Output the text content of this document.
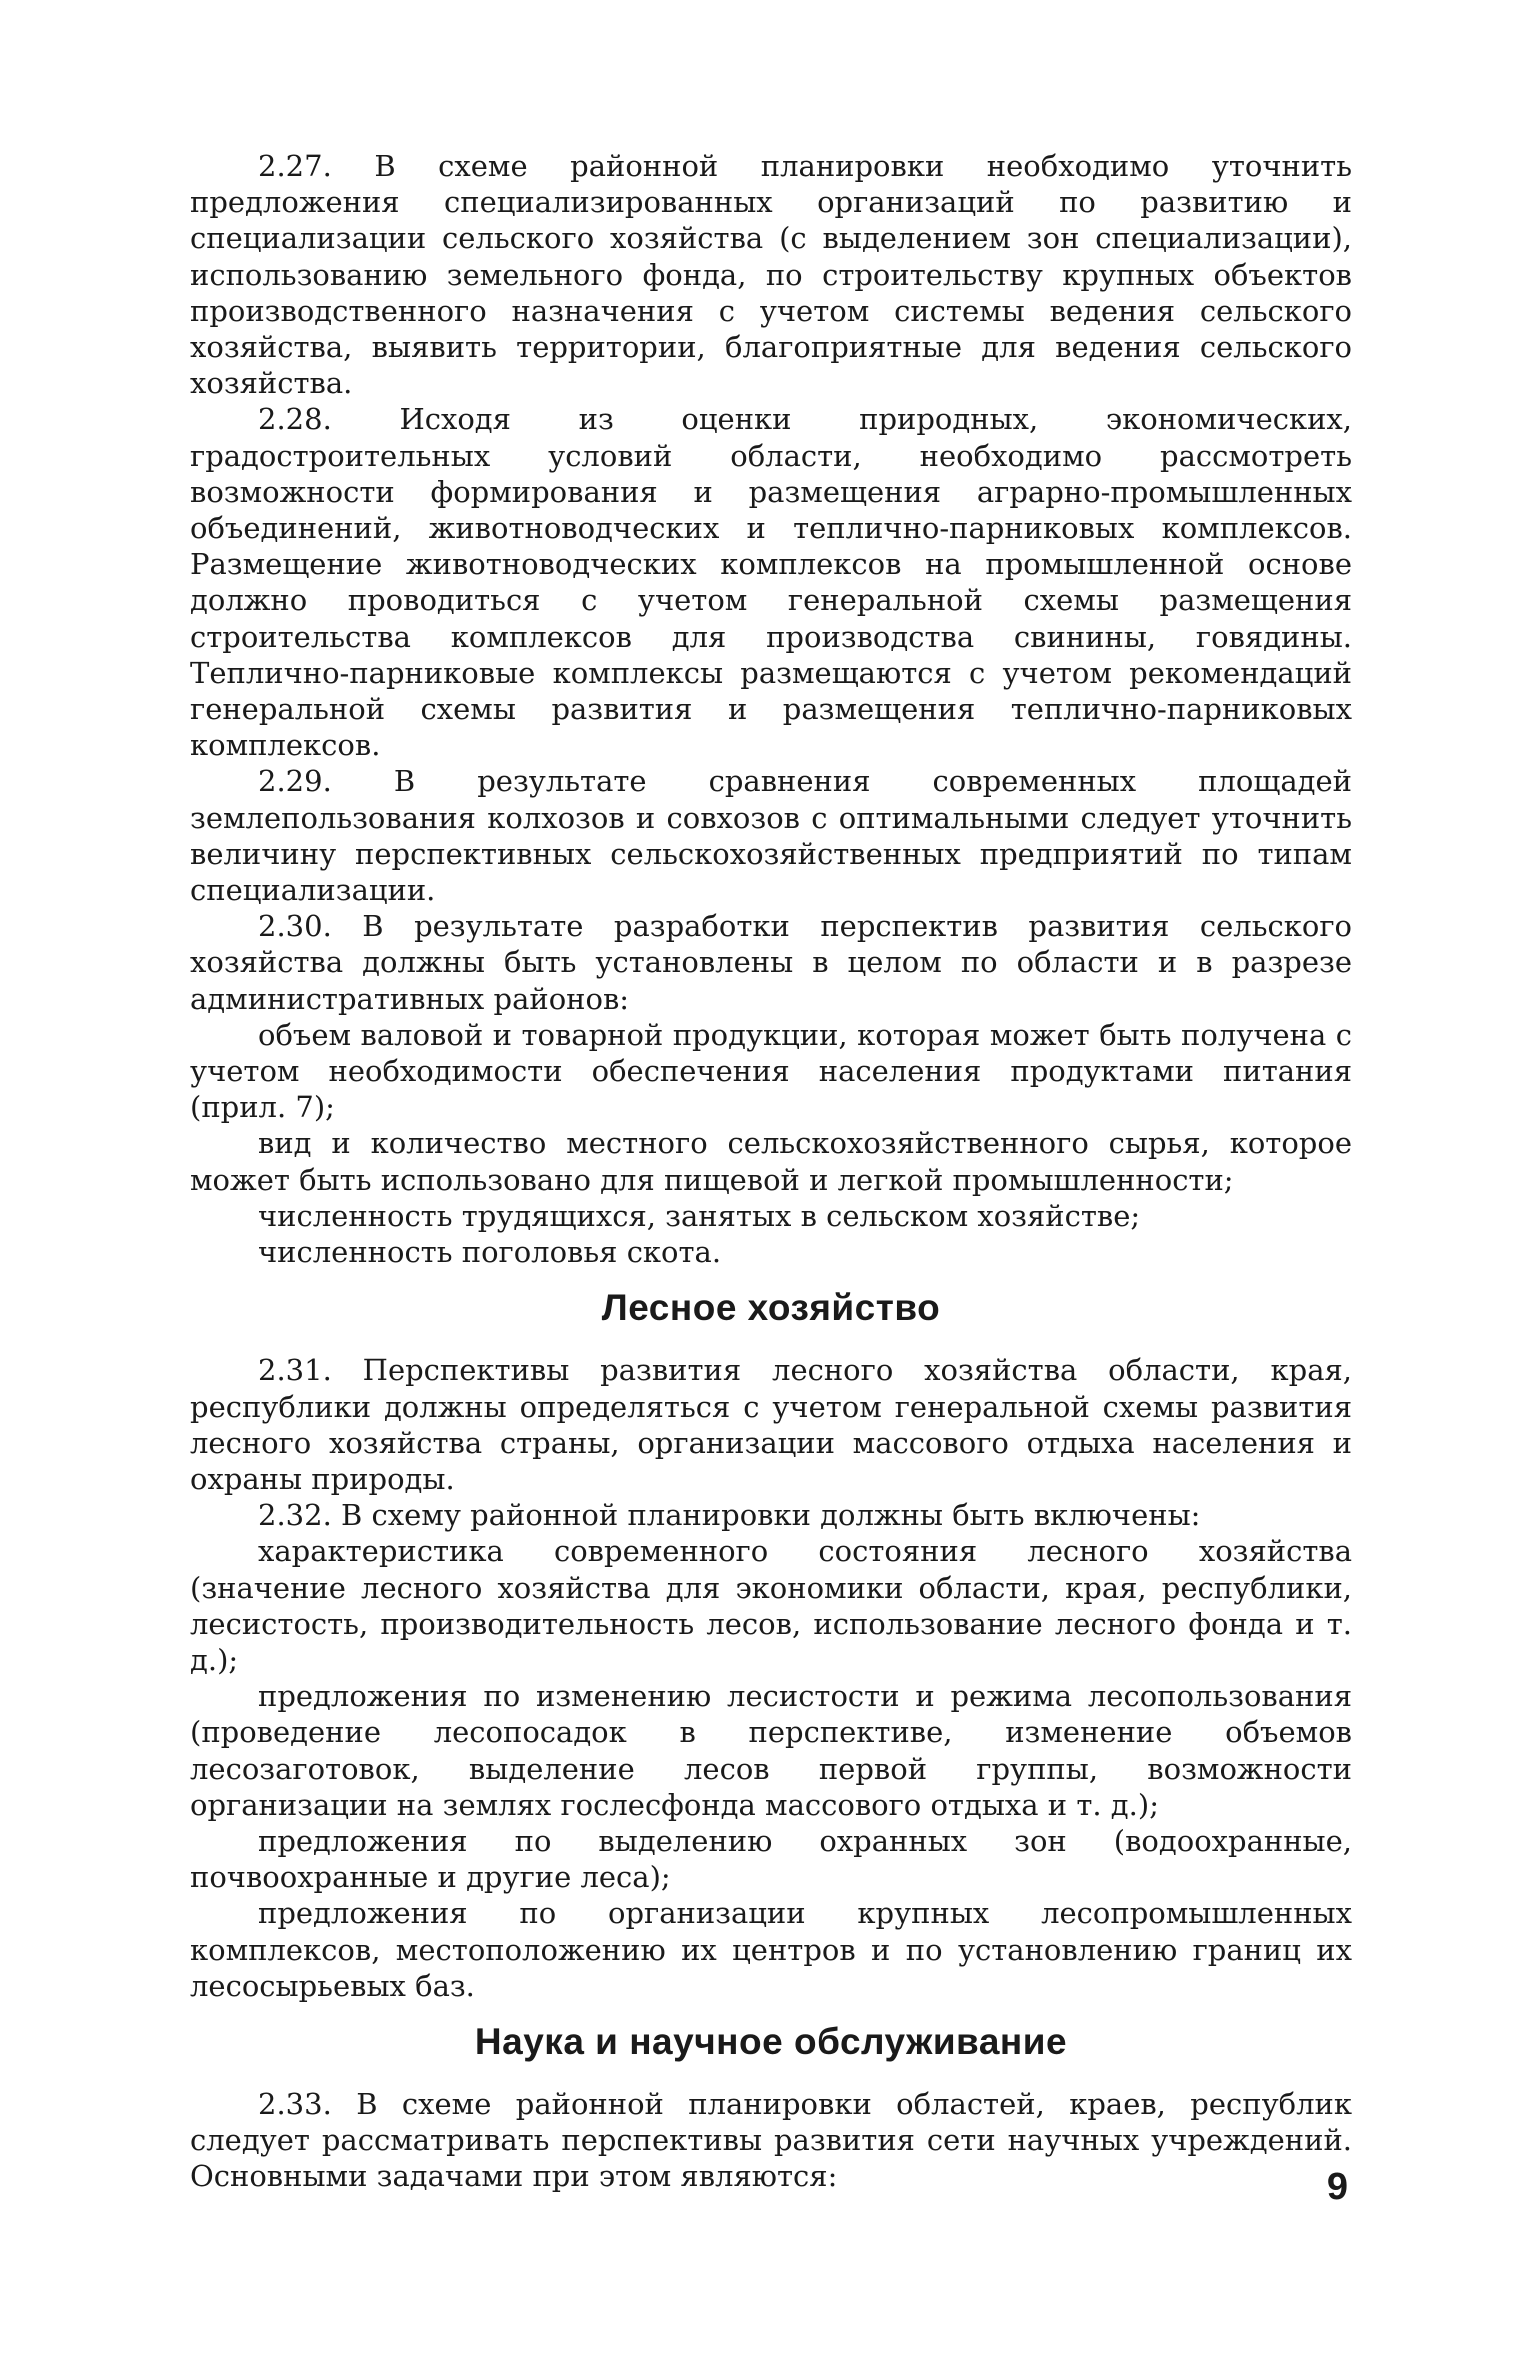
2.27. В схеме районной планировки необходимо уточнить предложения специализированных организаций по развитию и специализации сельского хозяйства (с выделением зон специализации), использованию земельного фонда, по строительству крупных объектов производственного назначения с учетом системы ведения сельского хозяйства, выявить территории, благоприятные для ведения сельского хозяйства.

2.28. Исходя из оценки природных, экономических, градостроительных условий области, необходимо рассмотреть возможности формирования и размещения аграрно-промышленных объединений, животноводческих и тепличнo-парниковых комплексов. Размещение животноводческих комплексов на промышленной основе должно проводиться с учетом генеральной схемы размещения строительства комплексов для производства свинины, говядины. Теплично-парниковые комплексы размещаются с учетом рекомендаций генеральной схемы развития и размещения тепличнo-парниковых комплексов.

2.29. В результате сравнения современных площадей землепользования колхозов и совхозов с оптимальными следует уточнить величину перспективных сельскохозяйственных предприятий по типам специализации.

2.30. В результате разработки перспектив развития сельского хозяйства должны быть установлены в целом по области и в разрезе административных районов:

объем валовой и товарной продукции, которая может быть получена с учетом необходимости обеспечения населения продуктами питания (прил. 7);

вид и количество местного сельскохозяйственного сырья, которое может быть использовано для пищевой и легкой промышленности;

численность трудящихся, занятых в сельском хозяйстве;

численность поголовья скота.

Лесное хозяйство

2.31. Перспективы развития лесного хозяйства области, края, республики должны определяться с учетом генеральной схемы развития лесного хозяйства страны, организации массового отдыха населения и охраны природы.

2.32. В схему районной планировки должны быть включены:

характеристика современного состояния лесного хозяйства (значение лесного хозяйства для экономики области, края, республики, лесистость, производительность лесов, использование лесного фонда и т. д.);

предложения по изменению лесистости и режима лесопользования (проведение лесопосадок в перспективе, изменение объемов лесозаготовок, выделение лесов первой группы, возможности организации на землях гослесфонда массового отдыха и т. д.);

предложения по выделению охранных зон (водоохранные, почвоохранные и другие леса);

предложения по организации крупных лесопромышленных комплексов, местоположению их центров и по установлению границ их лесосырьевых баз.

Наука и научное обслуживание

2.33. В схеме районной планировки областей, краев, республик следует рассматривать перспективы развития сети научных учреждений. Основными задачами при этом являются:	9
